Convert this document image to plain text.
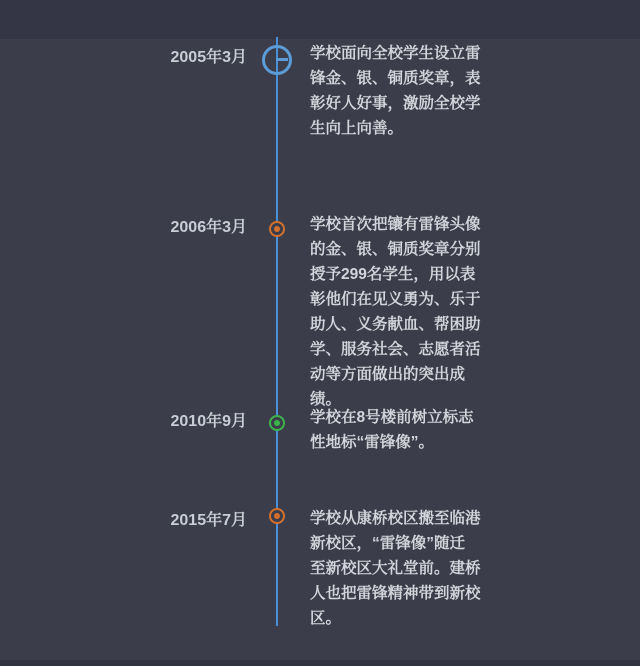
2005年3月	学校面向全校学生设立雷
锋金、银、铜质奖章，表
彰好人好事，激励全校学
生向上向善。
2006年3月	学校首次把镶有雷锋头像
的金、银、铜质奖章分别
授予299名学生，用以表
彰他们在见义勇为、乐于
助人、义务献血、帮困助
学、服务社会、志愿者活
动等方面做出的突出成
绩。
2010年9月	学校在8号楼前树立标志
性地标“雷锋像”。
2015年7月	学校从康桥校区搬至临港
新校区，“雷锋像”随迁
至新校区大礼堂前。建桥
人也把雷锋精神带到新校
区。
